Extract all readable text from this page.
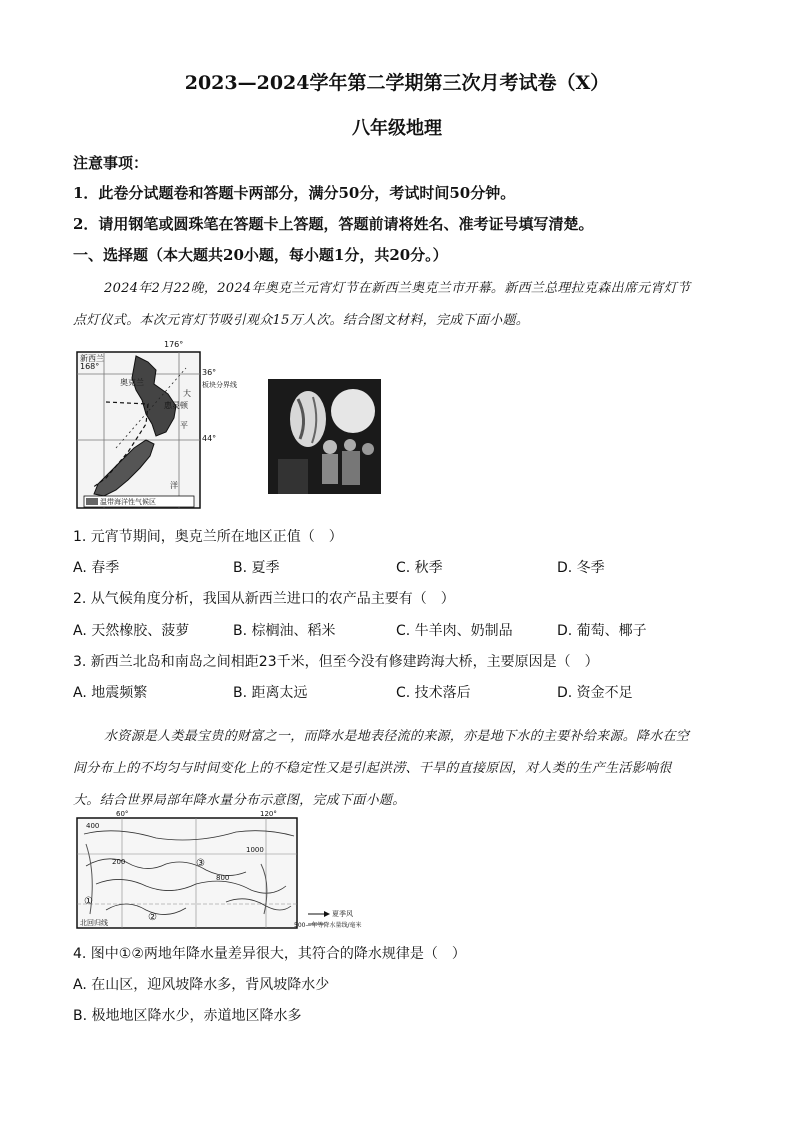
2023—2024学年第二学期第三次月考试卷（X）
八年级地理
注意事项：
1．此卷分试题卷和答题卡两部分，满分50分，考试时间50分钟。
2．请用钢笔或圆珠笔在答题卡上答题，答题前请将姓名、准考证号填写清楚。
一、选择题（本大题共20小题，每小题1分，共20分。）
2024年2月22晚，2024年奥克兰元宵灯节在新西兰奥克兰市开幕。新西兰总理拉克森出席元宵灯节
点灯仪式。本次元宵灯节吸引观众15万人次。结合图文材料，完成下面小题。
新西兰
168°
176°
36°
44°
奥克兰	板块分界线
大
平
惠灵顿
洋
温带海洋性气候区
1. 元宵节期间，奥克兰所在地区正值（　）
A. 春季	B. 夏季	C. 秋季	D. 冬季
2. 从气候角度分析，我国从新西兰进口的农产品主要有（　）
A. 天然橡胶、菠萝	B. 棕榈油、稻米	C. 牛羊肉、奶制品	D. 葡萄、椰子
3. 新西兰北岛和南岛之间相距23千米，但至今没有修建跨海大桥，主要原因是（　）
A. 地震频繁	B. 距离太远	C. 技术落后	D. 资金不足
水资源是人类最宝贵的财富之一，而降水是地表径流的来源，亦是地下水的主要补给来源。降水在空
间分布上的不均匀与时间变化上的不稳定性又是引起洪涝、干旱的直接原因，对人类的生产生活影响很
大。结合世界局部年降水量分布示意图，完成下面小题。
60°	120°
400
1000
200
800
①
②
③
北回归线
夏季风
500—年等降水量线/毫米
4. 图中①②两地年降水量差异很大，其符合的降水规律是（　）
A. 在山区，迎风坡降水多，背风坡降水少
B. 极地地区降水少，赤道地区降水多
